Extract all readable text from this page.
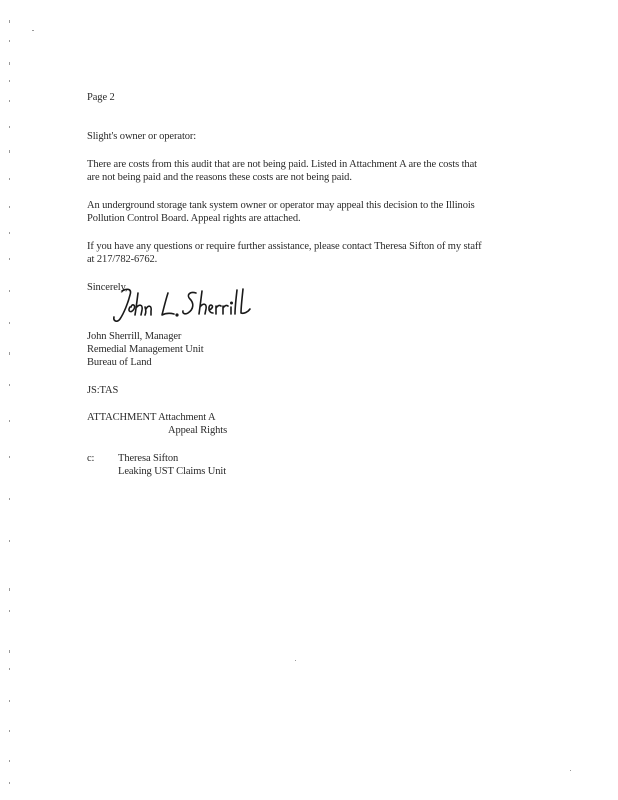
Page 2
Slight's owner or operator:
There are costs from this audit that are not being paid. Listed in Attachment A are the costs that
are not being paid and the reasons these costs are not being paid.
An underground storage tank system owner or operator may appeal this decision to the Illinois
Pollution Control Board. Appeal rights are attached.
If you have any questions or require further assistance, please contact Theresa Sifton of my staff
at 217/782-6762.
Sincerely,
John Sherrill, Manager
Remedial Management Unit
Bureau of Land
JS:TAS
ATTACHMENT Attachment A
Appeal Rights
c: Theresa Sifton
Leaking UST Claims Unit
